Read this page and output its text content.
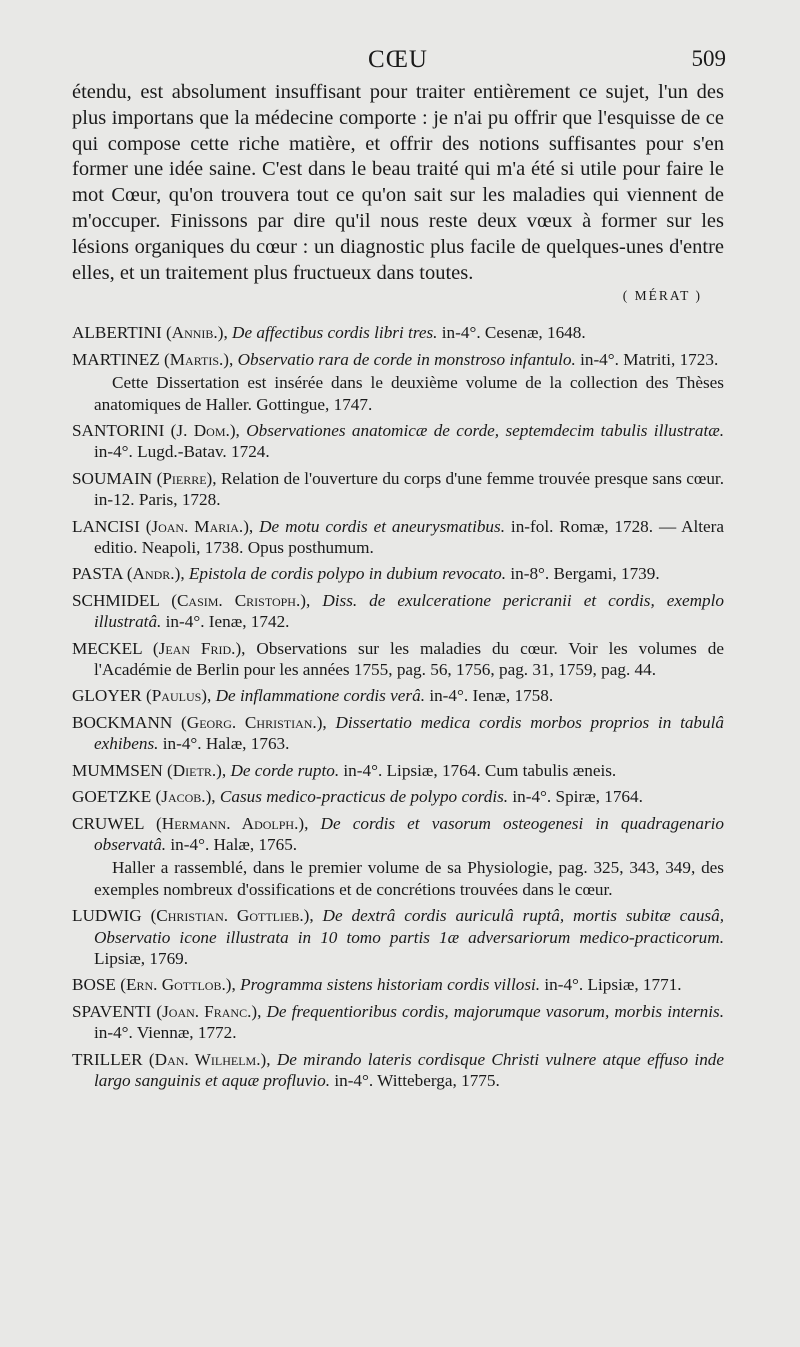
CŒU	509

étendu, est absolument insuffisant pour traiter entièrement ce sujet, l'un des plus importans que la médecine comporte : je n'ai pu offrir que l'esquisse de ce qui compose cette riche matière, et offrir des notions suffisantes pour s'en former une idée saine. C'est dans le beau traité qui m'a été si utile pour faire le mot Cœur, qu'on trouvera tout ce qu'on sait sur les maladies qui viennent de m'occuper. Finissons par dire qu'il nous reste deux vœux à former sur les lésions organiques du cœur : un diagnostic plus facile de quelques-unes d'entre elles, et un traitement plus fructueux dans toutes.

( MÉRAT )
ALBERTINI (Annib.), De affectibus cordis libri tres. in-4°. Cesenæ, 1648.
MARTINEZ (Martis.), Observatio rara de corde in monstroso infantulo. in-4°. Matriti, 1723.
Cette Dissertation est insérée dans le deuxième volume de la collection des Thèses anatomiques de Haller. Gottingue, 1747.
SANTORINI (J. Dom.), Observationes anatomicæ de corde, septemdecim tabulis illustratæ. in-4°. Lugd.-Batav. 1724.
SOUMAIN (Pierre), Relation de l'ouverture du corps d'une femme trouvée presque sans cœur. in-12. Paris, 1728.
LANCISI (Joan. Maria.), De motu cordis et aneurysmatibus. in-fol. Romæ, 1728. — Altera editio. Neapoli, 1738. Opus posthumum.
PASTA (Andr.), Epistola de cordis polypo in dubium revocato. in-8°. Bergami, 1739.
SCHMIDEL (Casim. Cristoph.), Diss. de exulceratione pericranii et cordis, exemplo illustratâ. in-4°. Ienæ, 1742.
MECKEL (Jean Frid.), Observations sur les maladies du cœur. Voir les volumes de l'Académie de Berlin pour les années 1755, pag. 56, 1756, pag. 31, 1759, pag. 44.
GLOYER (Paulus), De inflammatione cordis verâ. in-4°. Ienæ, 1758.
BOCKMANN (Georg. Christian.), Dissertatio medica cordis morbos proprios in tabulâ exhibens. in-4°. Halæ, 1763.
MUMMSEN (Dietr.), De corde rupto. in-4°. Lipsiæ, 1764. Cum tabulis æneis.
GOETZKE (Jacob.), Casus medico-practicus de polypo cordis. in-4°. Spiræ, 1764.
CRUWEL (Hermann. Adolph.), De cordis et vasorum osteogenesi in quadragenario observatâ. in-4°. Halæ, 1765.
Haller a rassemblé, dans le premier volume de sa Physiologie, pag. 325, 343, 349, des exemples nombreux d'ossifications et de concrétions trouvées dans le cœur.
LUDWIG (Christian. Gottlieb.), De dextrâ cordis auriculâ ruptâ, mortis subitæ causâ, Observatio icone illustrata in 10 tomo partis 1æ adversariorum medico-practicorum. Lipsiæ, 1769.
BOSE (Ern. Gottlob.), Programma sistens historiam cordis villosi. in-4°. Lipsiæ, 1771.
SPAVENTI (Joan. Franc.), De frequentioribus cordis, majorumque vasorum, morbis internis. in-4°. Viennæ, 1772.
TRILLER (Dan. Wilhelm.), De mirando lateris cordisque Christi vulnere atque effuso inde largo sanguinis et aquæ profluvio. in-4°. Witteberga, 1775.
